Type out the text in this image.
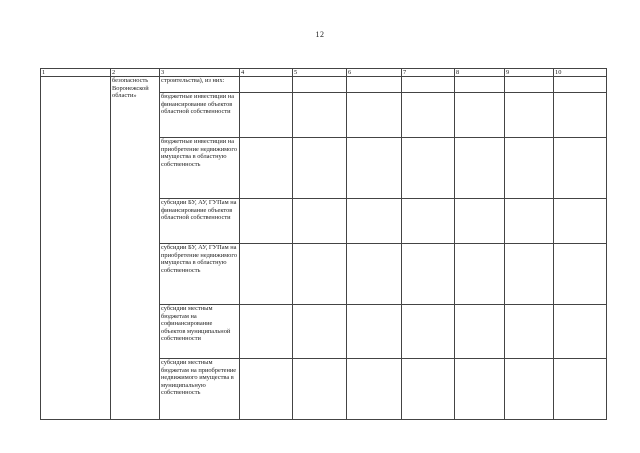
12
1	2	3	4	5	6	7	8	9	10
	безопасность Воронежской области»	строительства), из них:							
		бюджетные инвестиции на финансирование объектов областной собственности							
		бюджетные инвестиции на приобретение недвижимого имущества в областную собственность							
		субсидии БУ, АУ, ГУПам на финансирование объектов областной собственности							
		субсидии БУ, АУ, ГУПам на приобретение недвижимого имущества в областную собственность							
		субсидии местным бюджетам на софинансирование объектов муниципальной собственности							
		субсидии местным бюджетам на приобретение недвижимого имущества в муниципальную собственность							
